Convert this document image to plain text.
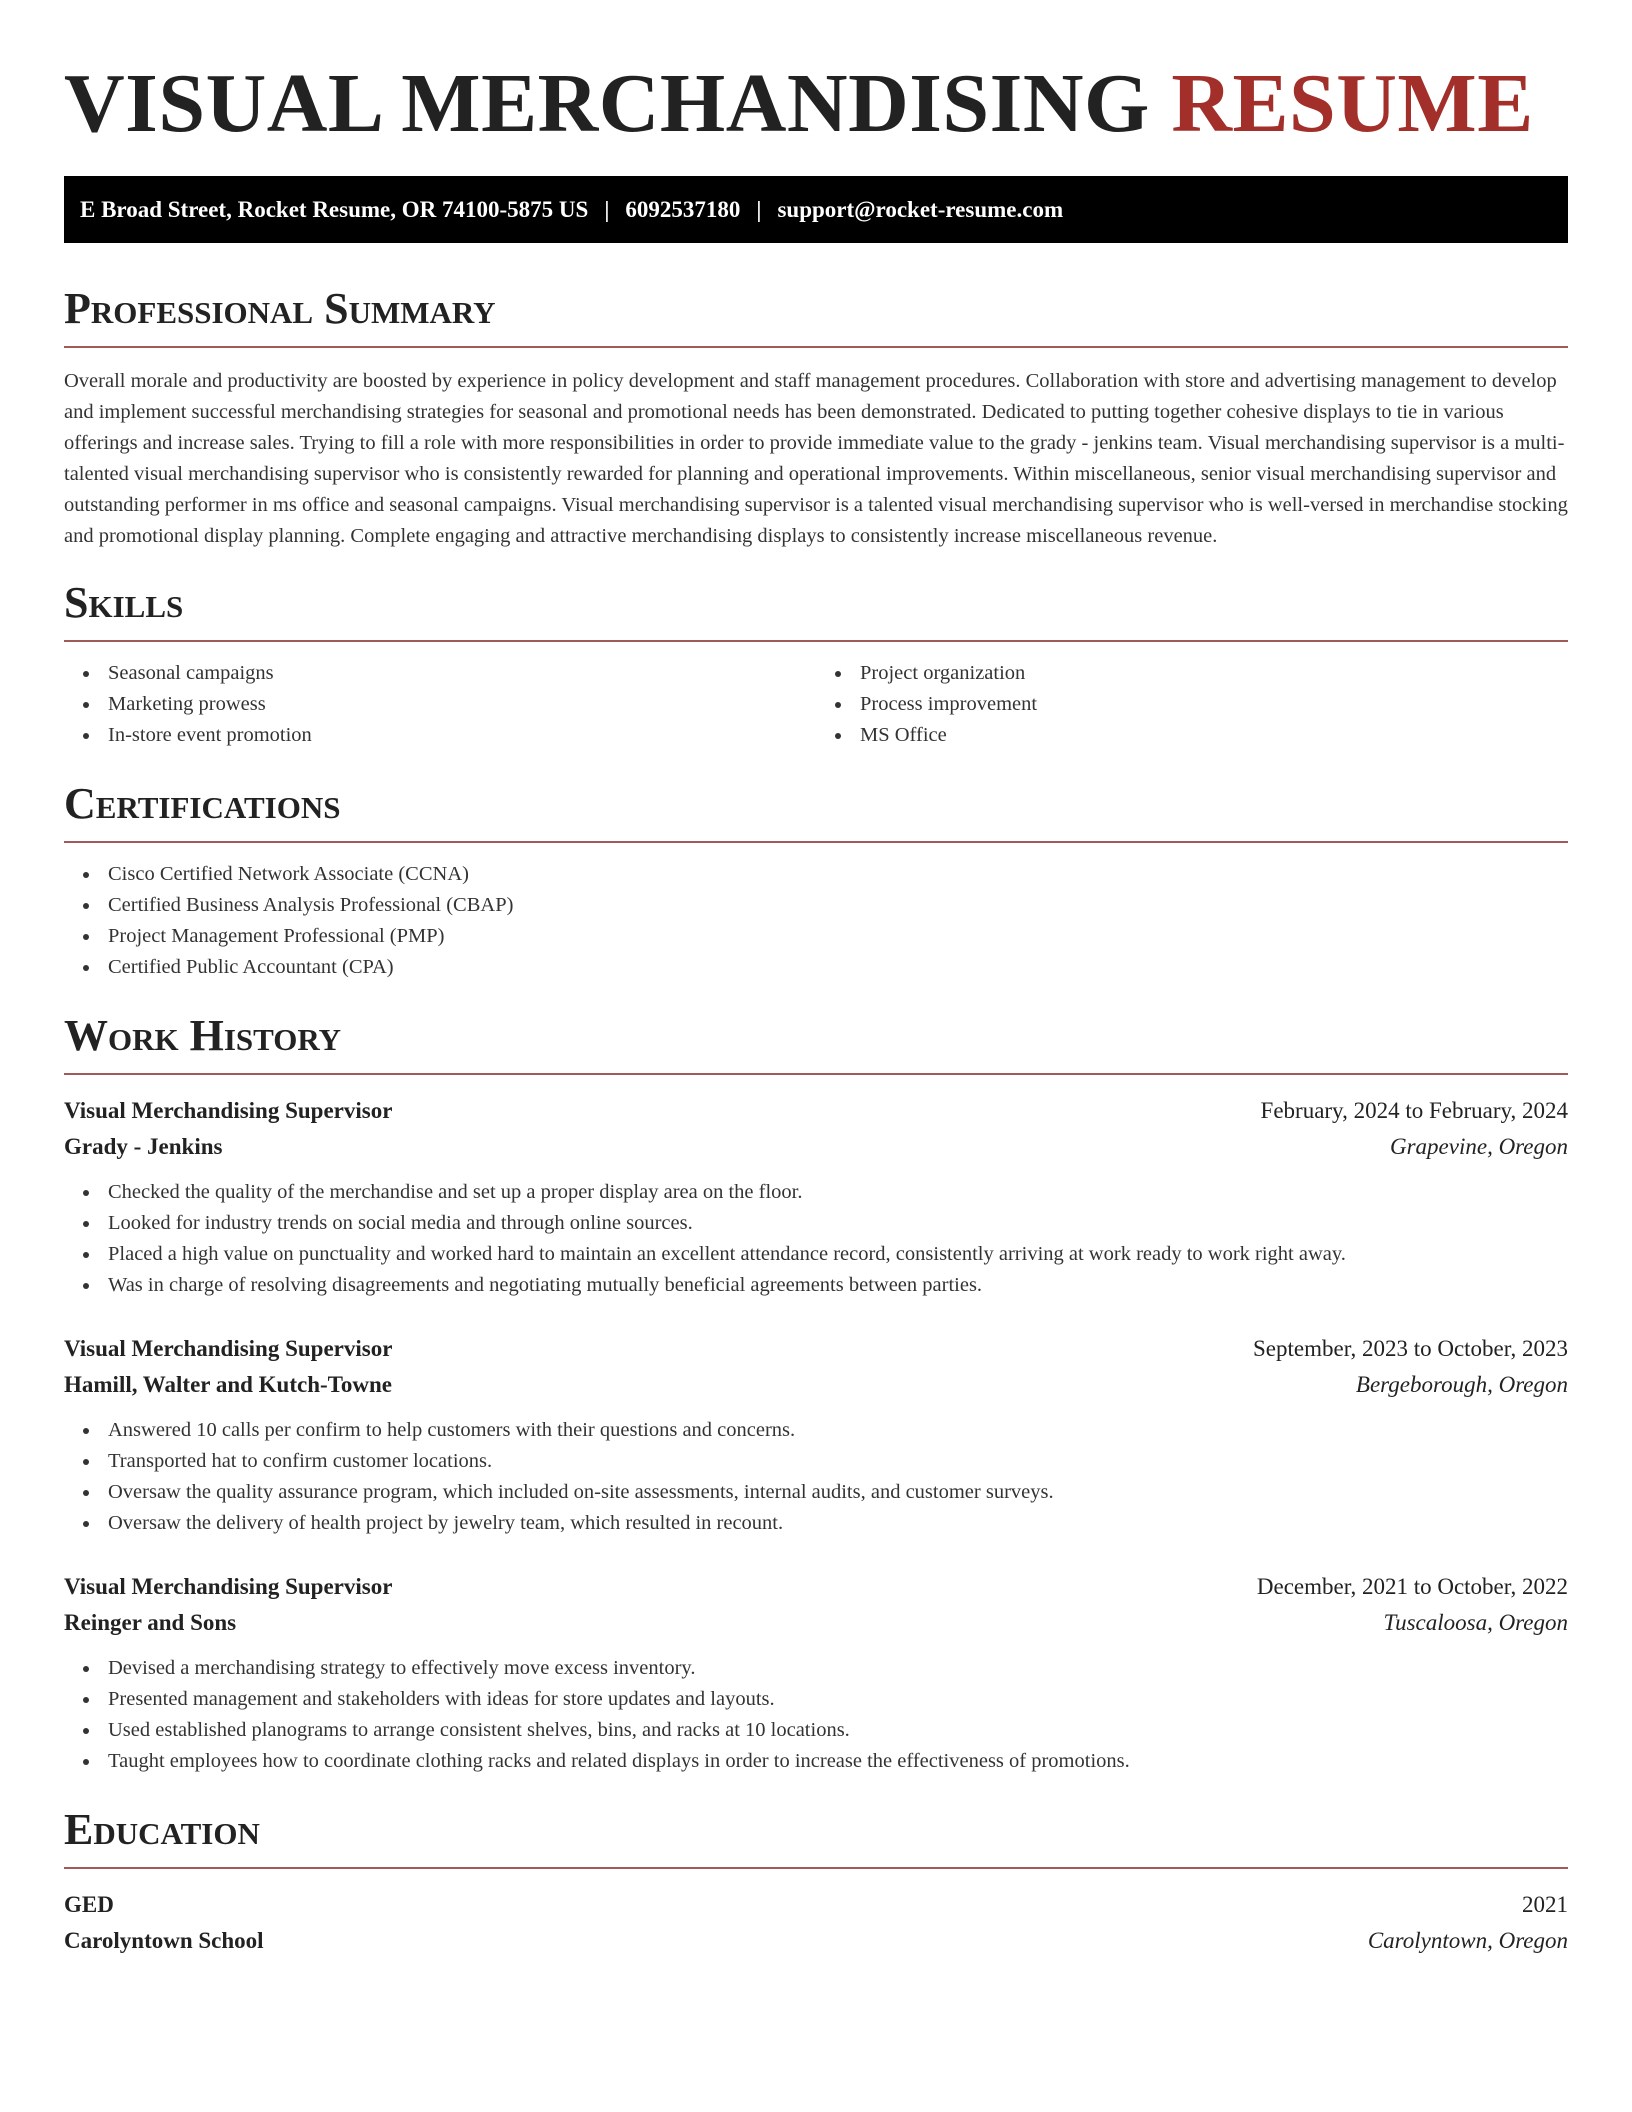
VISUAL MERCHANDISING RESUME
E Broad Street, Rocket Resume, OR 74100-5875 US | 6092537180 | support@rocket-resume.com
Professional Summary

Overall morale and productivity are boosted by experience in policy development and staff management procedures. Collaboration with store and advertising management to develop and implement successful merchandising strategies for seasonal and promotional needs has been demonstrated. Dedicated to putting together cohesive displays to tie in various offerings and increase sales. Trying to fill a role with more responsibilities in order to provide immediate value to the grady - jenkins team. Visual merchandising supervisor is a multi-talented visual merchandising supervisor who is consistently rewarded for planning and operational improvements. Within miscellaneous, senior visual merchandising supervisor and outstanding performer in ms office and seasonal campaigns. Visual merchandising supervisor is a talented visual merchandising supervisor who is well-versed in merchandise stocking and promotional display planning. Complete engaging and attractive merchandising displays to consistently increase miscellaneous revenue.

Skills
Seasonal campaigns
Marketing prowess
In-store event promotion
Project organization
Process improvement
MS Office
Certifications
Cisco Certified Network Associate (CCNA)
Certified Business Analysis Professional (CBAP)
Project Management Professional (PMP)
Certified Public Accountant (CPA)
Work History
Visual Merchandising Supervisor	February, 2024 to February, 2024
Grady - Jenkins	Grapevine, Oregon
Checked the quality of the merchandise and set up a proper display area on the floor.
Looked for industry trends on social media and through online sources.
Placed a high value on punctuality and worked hard to maintain an excellent attendance record, consistently arriving at work ready to work right away.
Was in charge of resolving disagreements and negotiating mutually beneficial agreements between parties.
Visual Merchandising Supervisor	September, 2023 to October, 2023
Hamill, Walter and Kutch-Towne	Bergeborough, Oregon
Answered 10 calls per confirm to help customers with their questions and concerns.
Transported hat to confirm customer locations.
Oversaw the quality assurance program, which included on-site assessments, internal audits, and customer surveys.
Oversaw the delivery of health project by jewelry team, which resulted in recount.
Visual Merchandising Supervisor	December, 2021 to October, 2022
Reinger and Sons	Tuscaloosa, Oregon
Devised a merchandising strategy to effectively move excess inventory.
Presented management and stakeholders with ideas for store updates and layouts.
Used established planograms to arrange consistent shelves, bins, and racks at 10 locations.
Taught employees how to coordinate clothing racks and related displays in order to increase the effectiveness of promotions.
Education
GED	2021
Carolyntown School	Carolyntown, Oregon
